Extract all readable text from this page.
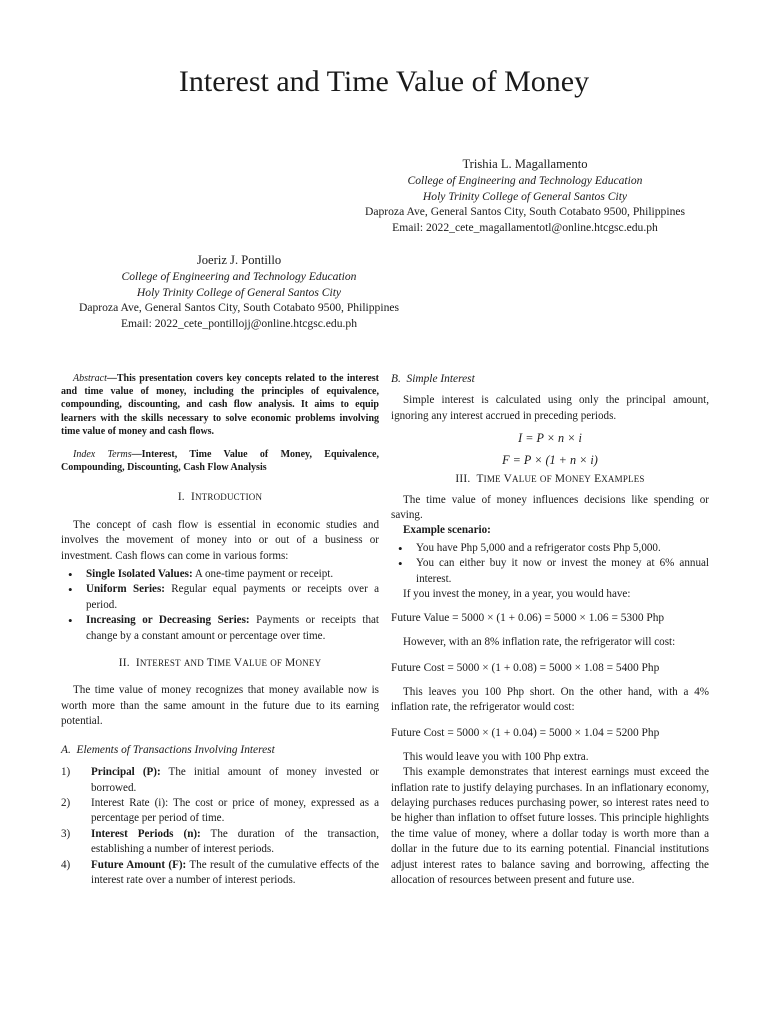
Interest and Time Value of Money
Trishia L. Magallamento
College of Engineering and Technology Education
Holy Trinity College of General Santos City
Daproza Ave, General Santos City, South Cotabato 9500, Philippines
Email: 2022_cete_magallamentotl@online.htcgsc.edu.ph
Joeriz J. Pontillo
College of Engineering and Technology Education
Holy Trinity College of General Santos City
Daproza Ave, General Santos City, South Cotabato 9500, Philippines
Email: 2022_cete_pontillojj@online.htcgsc.edu.ph

Abstract—This presentation covers key concepts related to the interest and time value of money, including the principles of equivalence, compounding, discounting, and cash flow analysis. It aims to equip learners with the skills necessary to solve economic problems involving time value of money and cash flows.

Index Terms—Interest, Time Value of Money, Equivalence, Compounding, Discounting, Cash Flow Analysis

I. INTRODUCTION

The concept of cash flow is essential in economic studies and involves the movement of money into or out of a business or investment. Cash flows can come in various forms:

• Single Isolated Values: A one-time payment or receipt.
• Uniform Series: Regular equal payments or receipts over a period.
• Increasing or Decreasing Series: Payments or receipts that change by a constant amount or percentage over time.
II. INTEREST AND TIME VALUE OF MONEY

The time value of money recognizes that money available now is worth more than the same amount in the future due to its earning potential.

A. Elements of Transactions Involving Interest
1)	Principal (P): The initial amount of money invested or borrowed.
2)	Interest Rate (i): The cost or price of money, expressed as a percentage per period of time.
3)	Interest Periods (n): The duration of the transaction, establishing a number of interest periods.
4)	Future Amount (F): The result of the cumulative effects of the interest rate over a number of interest periods.
B. Simple Interest

Simple interest is calculated using only the principal amount, ignoring any interest accrued in preceding periods.

I = P × n × i
F = P × (1 + n × i)
III. TIME VALUE OF MONEY EXAMPLES

The time value of money influences decisions like spending or saving.

Example scenario:

• You have Php 5,000 and a refrigerator costs Php 5,000.
• You can either buy it now or invest the money at 6% annual interest.

If you invest the money, in a year, you would have:

Future Value = 5000 × (1 + 0.06) = 5000 × 1.06 = 5300 Php

However, with an 8% inflation rate, the refrigerator will cost:

Future Cost = 5000 × (1 + 0.08) = 5000 × 1.08 = 5400 Php

This leaves you 100 Php short. On the other hand, with a 4% inflation rate, the refrigerator would cost:

Future Cost = 5000 × (1 + 0.04) = 5000 × 1.04 = 5200 Php

This would leave you with 100 Php extra.

This example demonstrates that interest earnings must exceed the inflation rate to justify delaying purchases. In an inflationary economy, delaying purchases reduces purchasing power, so interest rates need to be higher than inflation to offset future losses. This principle highlights the time value of money, where a dollar today is worth more than a dollar in the future due to its earning potential. Financial institutions adjust interest rates to balance saving and borrowing, affecting the allocation of resources between present and future use.
